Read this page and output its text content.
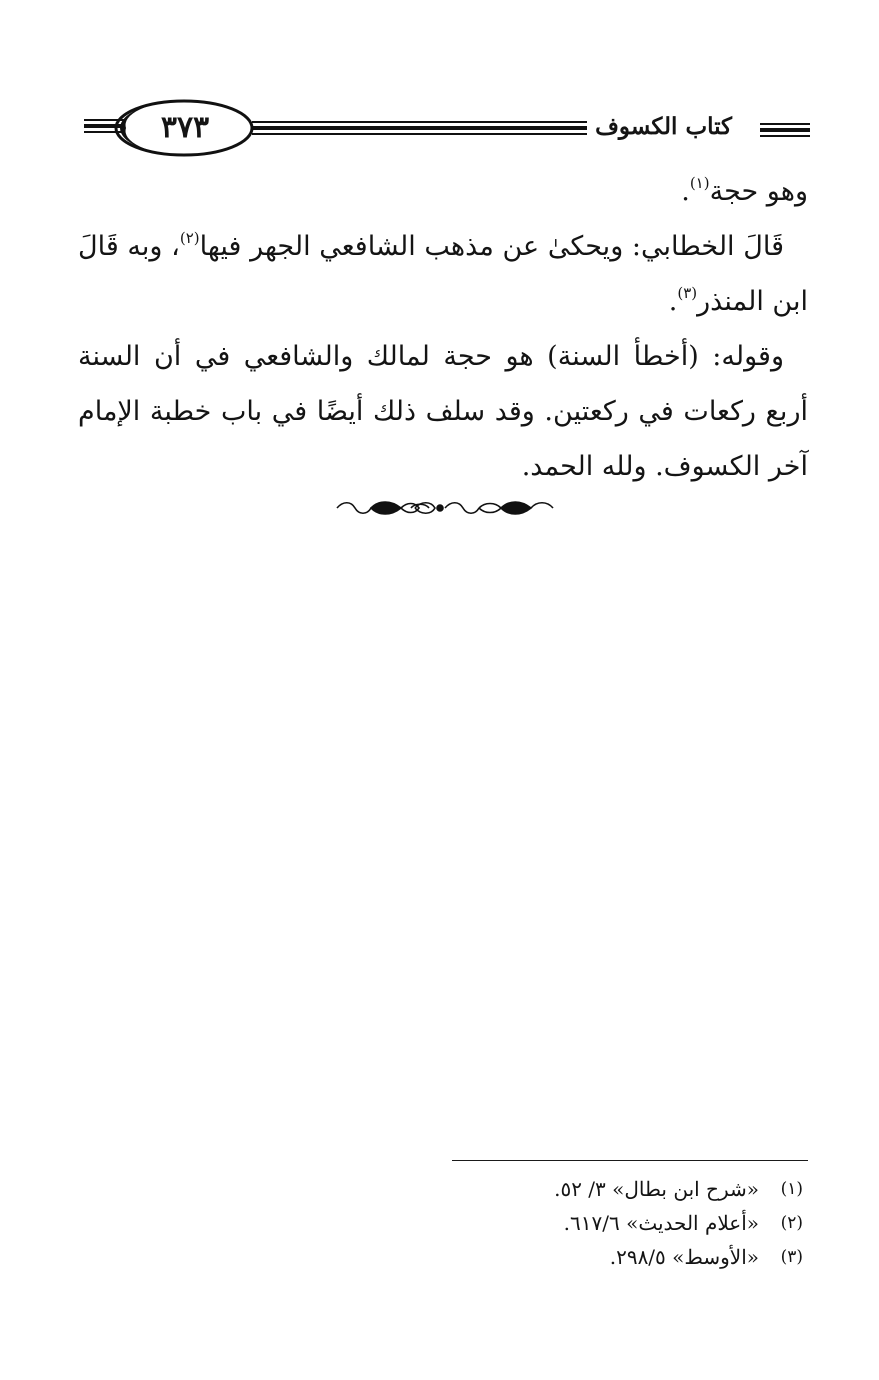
٣٧٣	كتاب الكسوف

وهو حجة$^{(١)}$.

قَالَ الخطابي: ويحكىٰ عن مذهب الشافعي الجهر فيها$^{(٢)}$، وبه قَالَ ابن المنذر$^{(٣)}$.

وقوله: (أخطأ السنة) هو حجة لمالك والشافعي في أن السنة أربع ركعات في ركعتين. وقد سلف ذلك أيضًا في باب خطبة الإمام آخر الكسوف. ولله الحمد.

(١)
«شرح ابن بطال» ٣/ ٥٢.
(٢)
«أعلام الحديث» ٦١٧/٦.
(٣)
«الأوسط» ٢٩٨/٥.
